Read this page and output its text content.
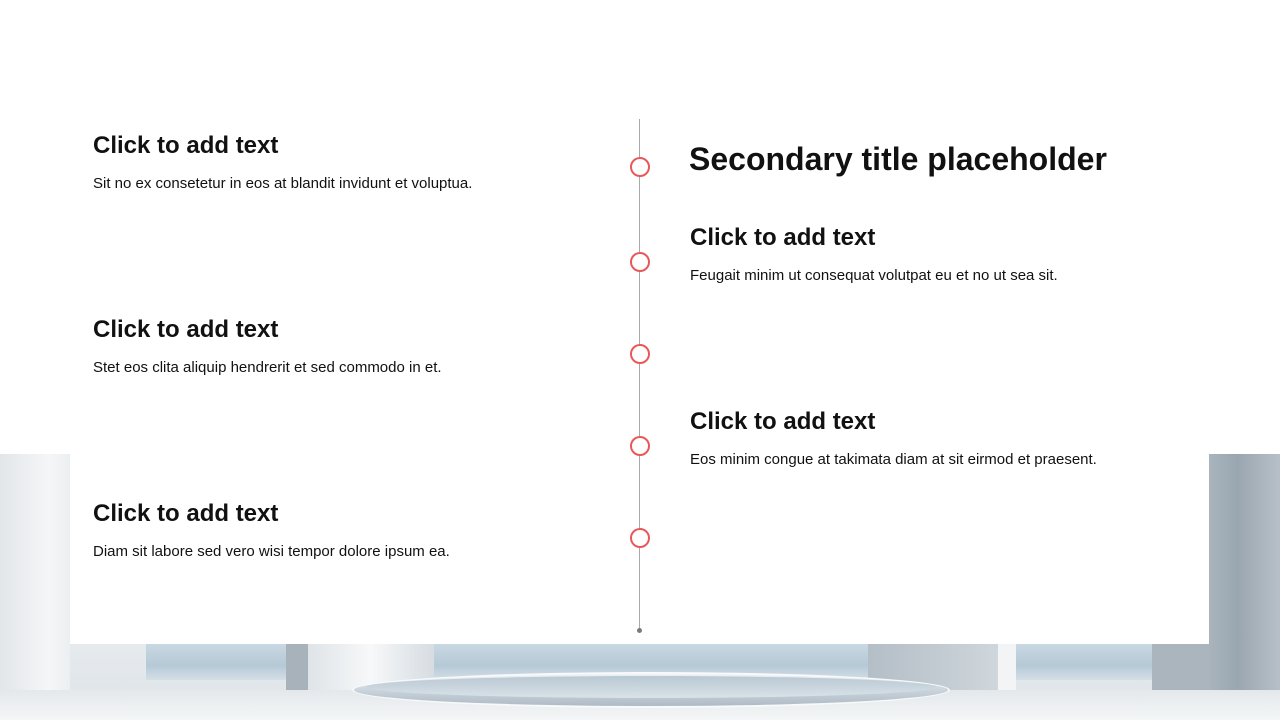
Secondary title placeholder
Click to add text

Sit no ex consetetur in eos at blandit invidunt et voluptua.

Click to add text

Stet eos clita aliquip hendrerit et sed commodo in et.

Click to add text

Diam sit labore sed vero wisi tempor dolore ipsum ea.

Click to add text

Feugait minim ut consequat volutpat eu et no ut sea sit.

Click to add text

Eos minim congue at takimata diam at sit eirmod et praesent.
